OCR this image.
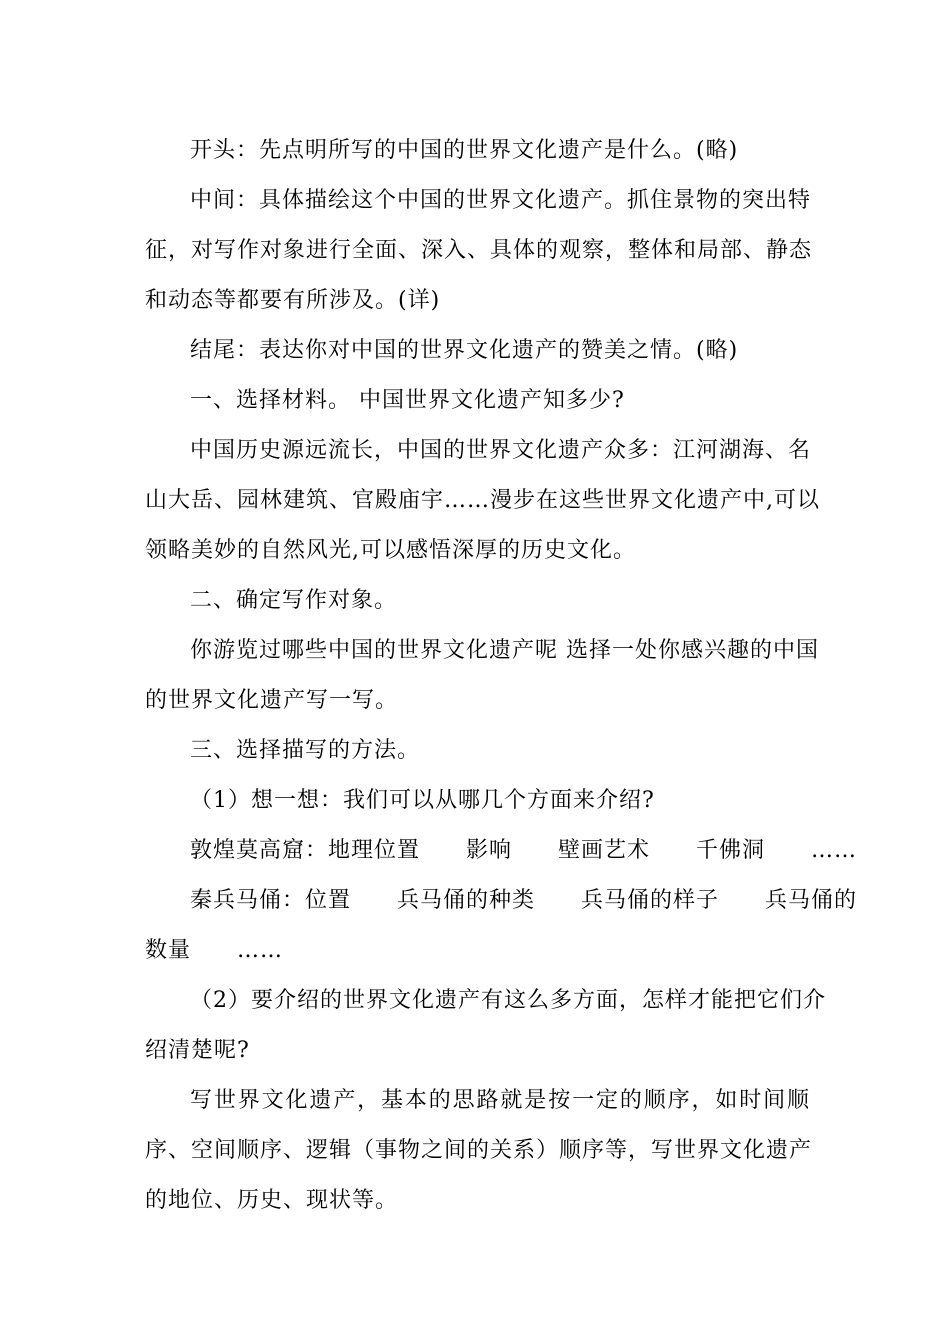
开头：先点明所写的中国的世界文化遗产是什么。(略)
中间：具体描绘这个中国的世界文化遗产。抓住景物的突出特
征，对写作对象进行全面、深入、具体的观察，整体和局部、静态
和动态等都要有所涉及。(详)
结尾：表达你对中国的世界文化遗产的赞美之情。(略)
一、选择材料。 中国世界文化遗产知多少?
中国历史源远流长，中国的世界文化遗产众多：江河湖海、名
山大岳、园林建筑、官殿庙宇……漫步在这些世界文化遗产中,可以
领略美妙的自然风光,可以感悟深厚的历史文化。
二、确定写作对象。
你游览过哪些中国的世界文化遗产呢 选择一处你感兴趣的中国
的世界文化遗产写一写。
三、选择描写的方法。
（1）想一想：我们可以从哪几个方面来介绍?
敦煌莫高窟：地理位置　　影响　　壁画艺术　　千佛洞　　……
秦兵马俑：位置　　兵马俑的种类　　兵马俑的样子　　兵马俑的
数量　　……
（2）要介绍的世界文化遗产有这么多方面，怎样才能把它们介
绍清楚呢?
写世界文化遗产，基本的思路就是按一定的顺序，如时间顺
序、空间顺序、逻辑（事物之间的关系）顺序等，写世界文化遗产
的地位、历史、现状等。
